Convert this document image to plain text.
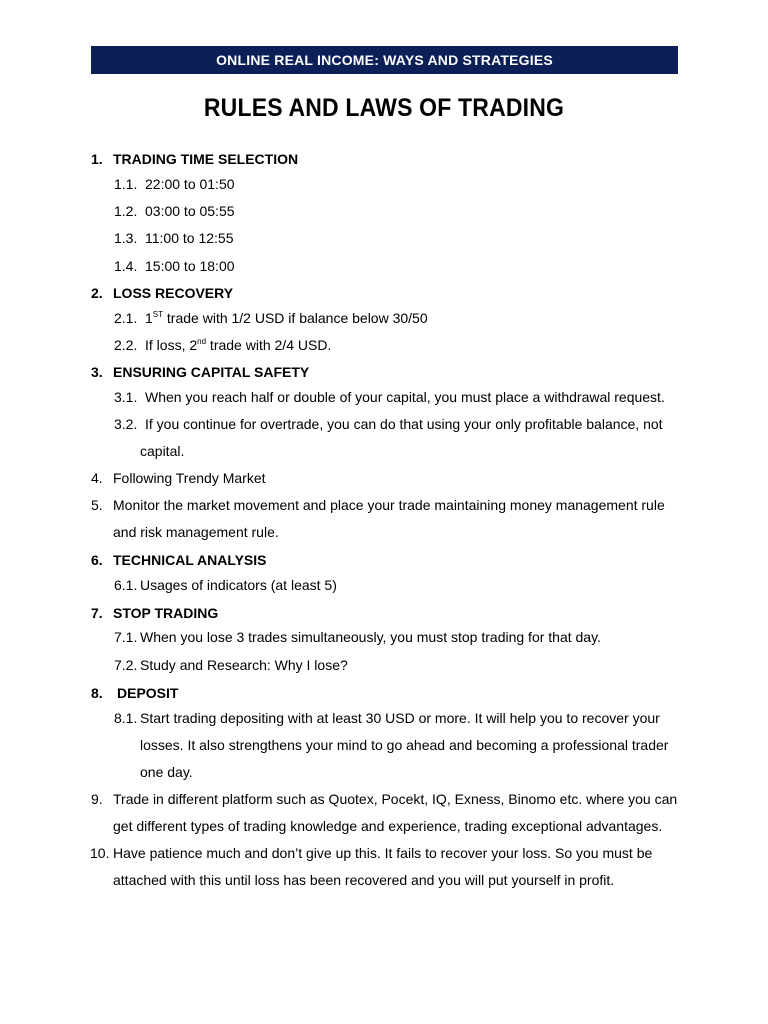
ONLINE REAL INCOME: WAYS AND STRATEGIES
RULES AND LAWS OF TRADING
1. TRADING TIME SELECTION
1.1. 22:00 to 01:50
1.2. 03:00 to 05:55
1.3. 11:00 to 12:55
1.4. 15:00 to 18:00
2. LOSS RECOVERY
2.1. 1ST trade with 1/2 USD if balance below 30/50
2.2. If loss, 2nd trade with 2/4 USD.
3. ENSURING CAPITAL SAFETY
3.1. When you reach half or double of your capital, you must place a withdrawal request.
3.2. If you continue for overtrade, you can do that using your only profitable balance, not
capital.
4. Following Trendy Market
5. Monitor the market movement and place your trade maintaining money management rule
and risk management rule.
6. TECHNICAL ANALYSIS
6.1. Usages of indicators (at least 5)
7. STOP TRADING
7.1. When you lose 3 trades simultaneously, you must stop trading for that day.
7.2. Study and Research: Why I lose?
8. DEPOSIT
8.1. Start trading depositing with at least 30 USD or more. It will help you to recover your
losses. It also strengthens your mind to go ahead and becoming a professional trader
one day.
9. Trade in different platform such as Quotex, Pocekt, IQ, Exness, Binomo etc. where you can
get different types of trading knowledge and experience, trading exceptional advantages.
10. Have patience much and don’t give up this. It fails to recover your loss. So you must be
attached with this until loss has been recovered and you will put yourself in profit.
